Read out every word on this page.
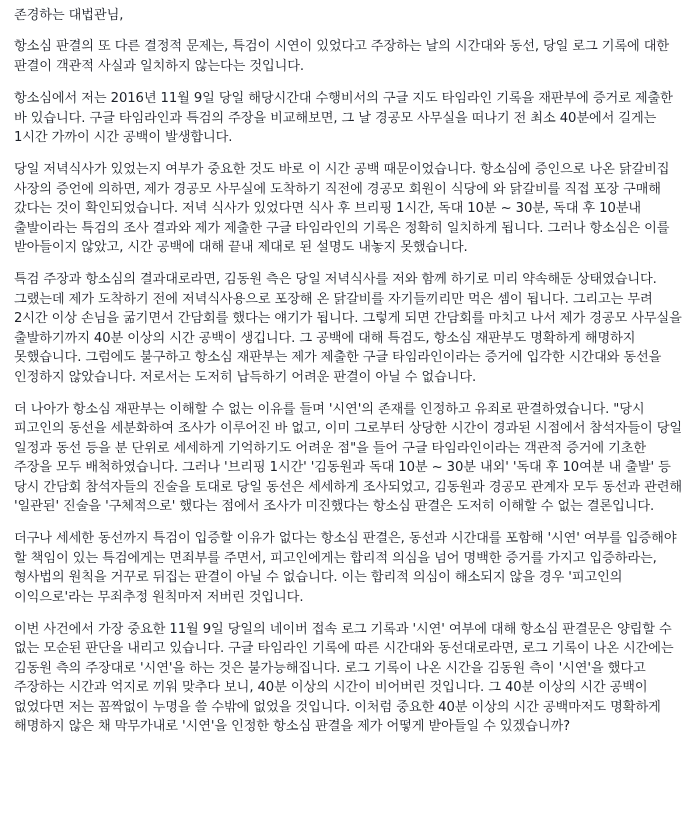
존경하는 대법관님,

항소심 판결의 또 다른 결정적 문제는, 특검이 시연이 있었다고 주장하는 날의 시간대와 동선, 당일 로그 기록에 대한 판결이 객관적 사실과 일치하지 않는다는 것입니다.

항소심에서 저는 2016년 11월 9일 당일 해당시간대 수행비서의 구글 지도 타임라인 기록을 재판부에 증거로 제출한 바 있습니다. 구글 타임라인과 특검의 주장을 비교해보면, 그 날 경공모 사무실을 떠나기 전 최소 40분에서 길게는 1시간 가까이 시간 공백이 발생합니다.

당일 저녁식사가 있었는지 여부가 중요한 것도 바로 이 시간 공백 때문이었습니다. 항소심에 증인으로 나온 닭갈비집 사장의 증언에 의하면, 제가 경공모 사무실에 도착하기 직전에 경공모 회원이 식당에 와 닭갈비를 직접 포장 구매해 갔다는 것이 확인되었습니다. 저녁 식사가 있었다면 식사 후 브리핑 1시간, 독대 10분 ~ 30분, 독대 후 10분내 출발이라는 특검의 조사 결과와 제가 제출한 구글 타임라인의 기록은 정확히 일치하게 됩니다. 그러나 항소심은 이를 받아들이지 않았고, 시간 공백에 대해 끝내 제대로 된 설명도 내놓지 못했습니다.

특검 주장과 항소심의 결과대로라면, 김동원 측은 당일 저녁식사를 저와 함께 하기로 미리 약속해둔 상태였습니다. 그랬는데 제가 도착하기 전에 저녁식사용으로 포장해 온 닭갈비를 자기들끼리만 먹은 셈이 됩니다. 그리고는 무려 2시간 이상 손님을 굶기면서 간담회를 했다는 얘기가 됩니다. 그렇게 되면 간담회를 마치고 나서 제가 경공모 사무실을 출발하기까지 40분 이상의 시간 공백이 생깁니다. 그 공백에 대해 특검도, 항소심 재판부도 명확하게 해명하지 못했습니다. 그럼에도 불구하고 항소심 재판부는 제가 제출한 구글 타임라인이라는 증거에 입각한 시간대와 동선을 인정하지 않았습니다. 저로서는 도저히 납득하기 어려운 판결이 아닐 수 없습니다.

더 나아가 항소심 재판부는 이해할 수 없는 이유를 들며 '시연'의 존재를 인정하고 유죄로 판결하였습니다. "당시 피고인의 동선을 세분화하여 조사가 이루어진 바 없고, 이미 그로부터 상당한 시간이 경과된 시점에서 참석자들이 당일 일정과 동선 등을 분 단위로 세세하게 기억하기도 어려운 점"을 들어 구글 타임라인이라는 객관적 증거에 기초한 주장을 모두 배척하였습니다. 그러나 '브리핑 1시간' '김동원과 독대 10분 ~ 30분 내외' '독대 후 10여분 내 출발' 등 당시 간담회 참석자들의 진술을 토대로 당일 동선은 세세하게 조사되었고, 김동원과 경공모 관계자 모두 동선과 관련해 '일관된' 진술을 '구체적으로' 했다는 점에서 조사가 미진했다는 항소심 판결은 도저히 이해할 수 없는 결론입니다.

더구나 세세한 동선까지 특검이 입증할 이유가 없다는 항소심 판결은, 동선과 시간대를 포함해 '시연' 여부를 입증해야 할 책임이 있는 특검에게는 면죄부를 주면서, 피고인에게는 합리적 의심을 넘어 명백한 증거를 가지고 입증하라는, 형사법의 원칙을 거꾸로 뒤집는 판결이 아닐 수 없습니다. 이는 합리적 의심이 해소되지 않을 경우 '피고인의 이익으로'라는 무죄추정 원칙마저 저버린 것입니다.

이번 사건에서 가장 중요한 11월 9일 당일의 네이버 접속 로그 기록과 '시연' 여부에 대해 항소심 판결문은 양립할 수 없는 모순된 판단을 내리고 있습니다. 구글 타임라인 기록에 따른 시간대와 동선대로라면, 로그 기록이 나온 시간에는 김동원 측의 주장대로 '시연'을 하는 것은 불가능해집니다. 로그 기록이 나온 시간을 김동원 측이 '시연'을 했다고 주장하는 시간과 억지로 끼워 맞추다 보니, 40분 이상의 시간이 비어버린 것입니다. 그 40분 이상의 시간 공백이 없었다면 저는 꼼짝없이 누명을 쓸 수밖에 없었을 것입니다. 이처럼 중요한 40분 이상의 시간 공백마저도 명확하게 해명하지 않은 채 막무가내로 '시연'을 인정한 항소심 판결을 제가 어떻게 받아들일 수 있겠습니까?
